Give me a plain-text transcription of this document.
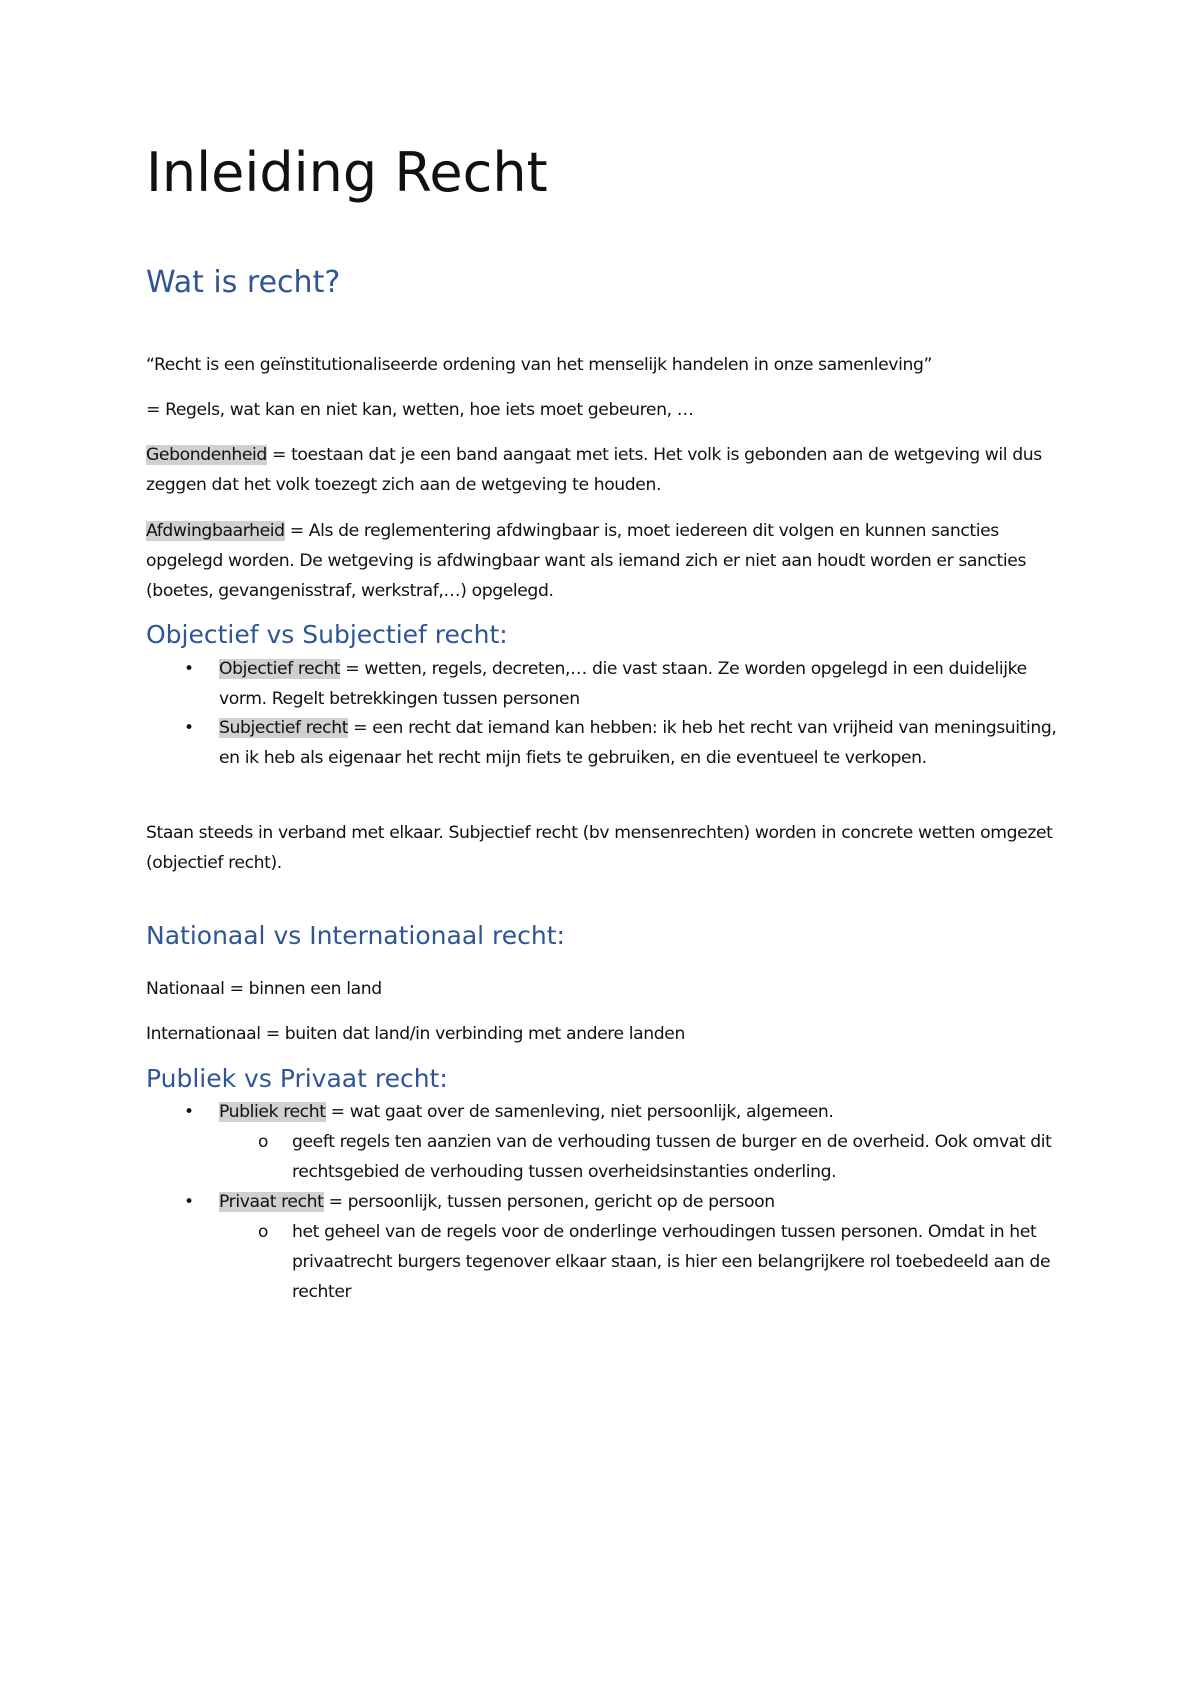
Inleiding Recht
Wat is recht?

“Recht is een geïnstitutionaliseerde ordening van het menselijk handelen in onze samenleving”

= Regels, wat kan en niet kan, wetten, hoe iets moet gebeuren, …

Gebondenheid = toestaan dat je een band aangaat met iets. Het volk is gebonden aan de wetgeving wil dus zeggen dat het volk toezegt zich aan de wetgeving te houden.

Afdwingbaarheid = Als de reglementering afdwingbaar is, moet iedereen dit volgen en kunnen sancties opgelegd worden. De wetgeving is afdwingbaar want als iemand zich er niet aan houdt worden er sancties (boetes, gevangenisstraf, werkstraf,…) opgelegd.

Objectief vs Subjectief recht:
•	Objectief recht = wetten, regels, decreten,… die vast staan. Ze worden opgelegd in een duidelijke vorm. Regelt betrekkingen tussen personen

•	Subjectief recht = een recht dat iemand kan hebben: ik heb het recht van vrijheid van meningsuiting, en ik heb als eigenaar het recht mijn fiets te gebruiken, en die eventueel te verkopen.

Staan steeds in verband met elkaar. Subjectief recht (bv mensenrechten) worden in concrete wetten omgezet (objectief recht).

Nationaal vs Internationaal recht:

Nationaal = binnen een land

Internationaal = buiten dat land/in verbinding met andere landen

Publiek vs Privaat recht:
•	Publiek recht = wat gaat over de samenleving, niet persoonlijk, algemeen.

o	geeft regels ten aanzien van de verhouding tussen de burger en de overheid. Ook omvat dit rechtsgebied de verhouding tussen overheidsinstanties onderling.

•	Privaat recht = persoonlijk, tussen personen, gericht op de persoon

o	het geheel van de regels voor de onderlinge verhoudingen tussen personen. Omdat in het privaatrecht burgers tegenover elkaar staan, is hier een belangrijkere rol toebedeeld aan de rechter
